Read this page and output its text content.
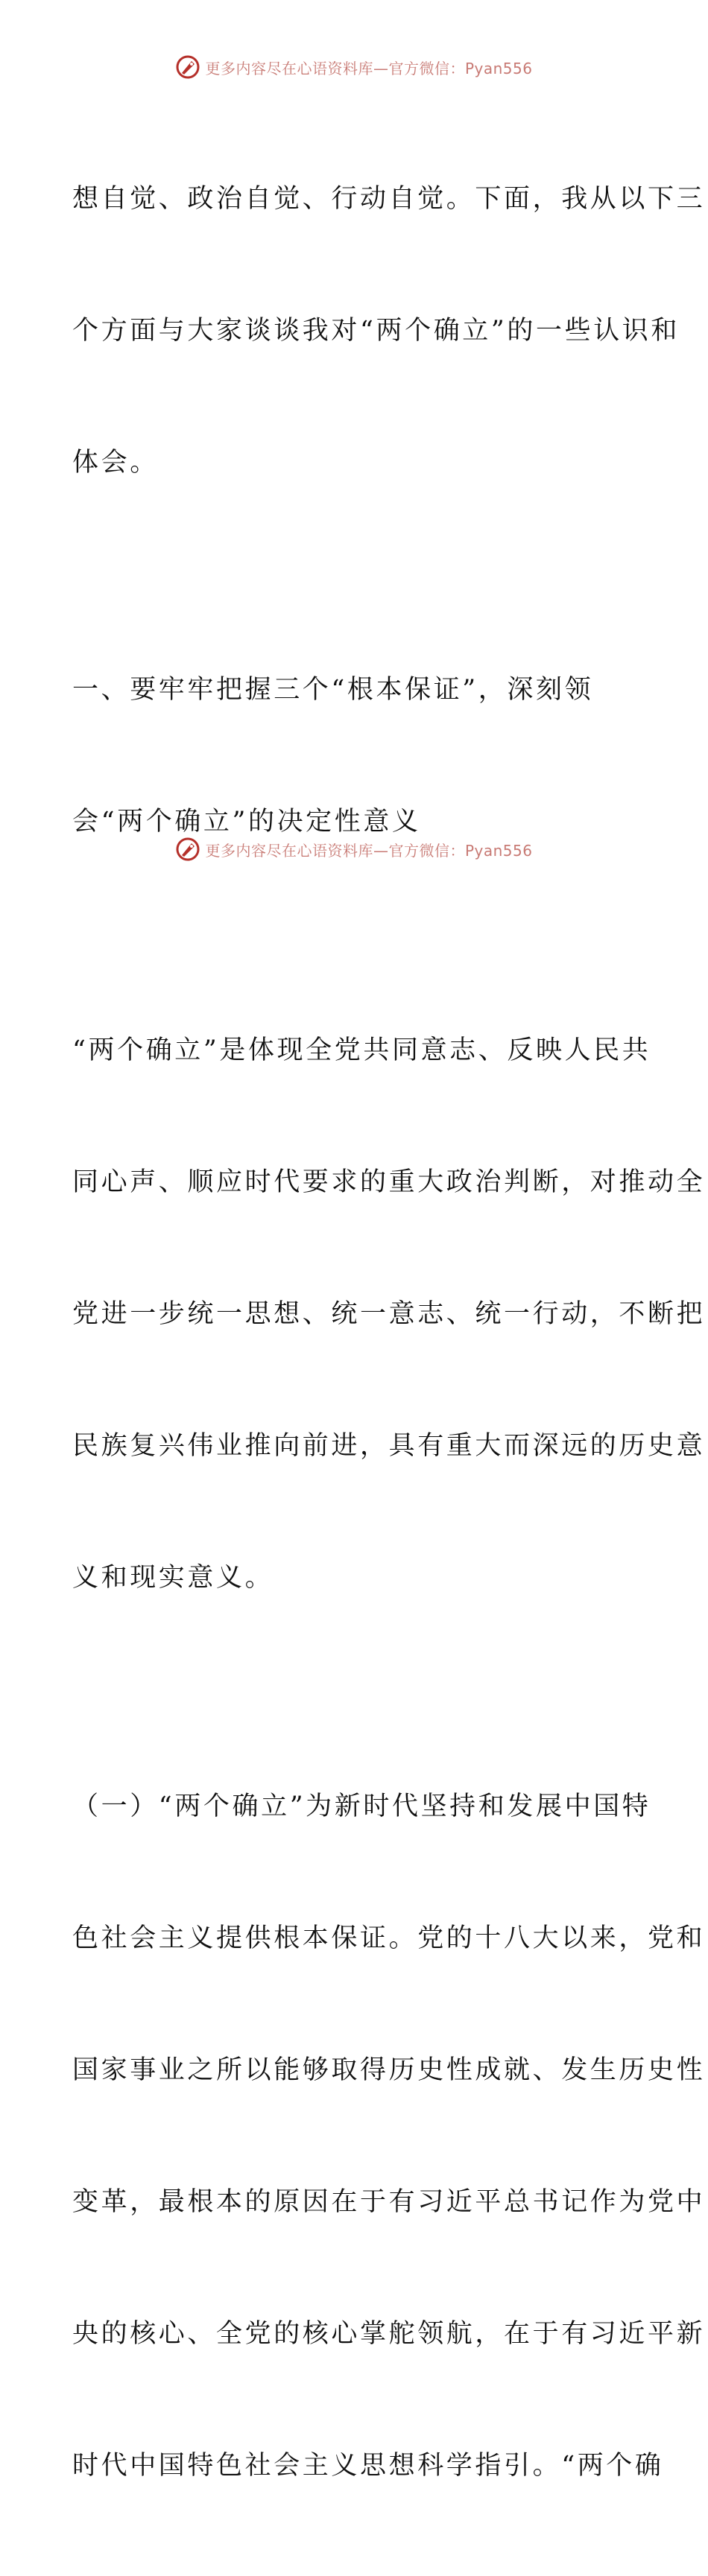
更多内容尽在心语资料库—官方微信：Pyan556

想自觉、政治自觉、行动自觉。下面，我从以下三

个方面与大家谈谈我对“两个确立”的一些认识和

体会。

一、要牢牢把握三个“根本保证”，深刻领

会“两个确立”的决定性意义

“两个确立”是体现全党共同意志、反映人民共

同心声、顺应时代要求的重大政治判断，对推动全

党进一步统一思想、统一意志、统一行动，不断把

民族复兴伟业推向前进，具有重大而深远的历史意

义和现实意义。

（一）“两个确立”为新时代坚持和发展中国特

色社会主义提供根本保证。党的十八大以来，党和

国家事业之所以能够取得历史性成就、发生历史性

变革，最根本的原因在于有习近平总书记作为党中

央的核心、全党的核心掌舵领航，在于有习近平新

时代中国特色社会主义思想科学指引。“两个确

更多内容尽在心语资料库—官方微信：Pyan556
